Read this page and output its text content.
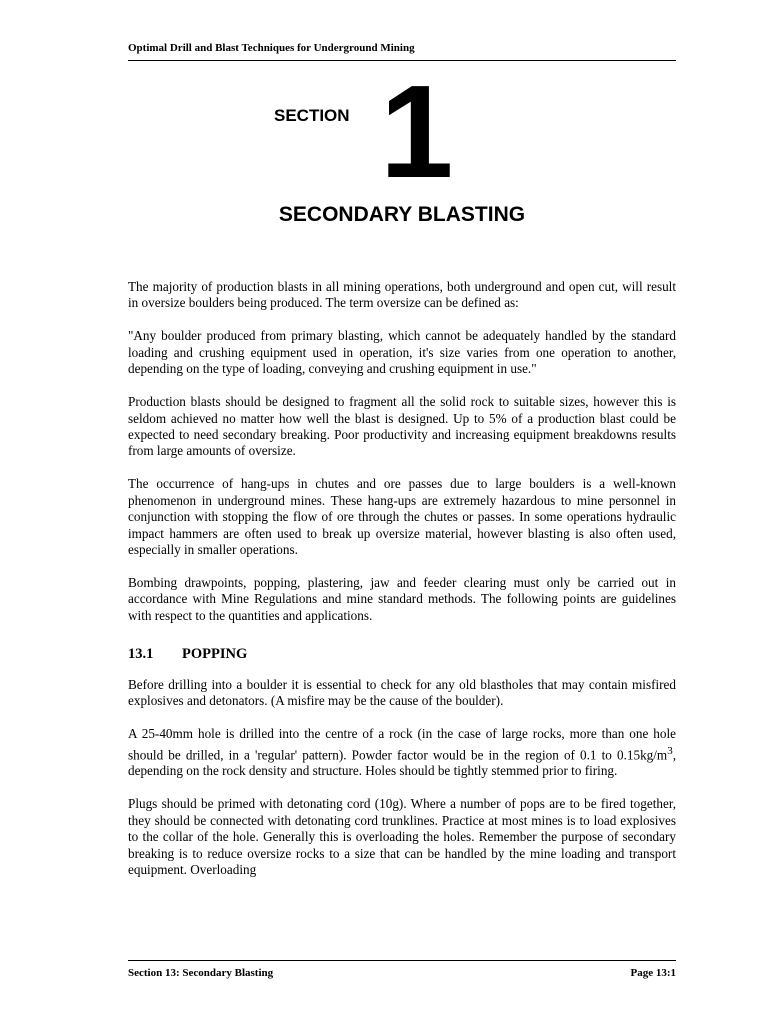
Optimal Drill and Blast Techniques for Underground Mining
SECTION 1
SECONDARY BLASTING

The majority of production blasts in all mining operations, both underground and open cut, will result in oversize boulders being produced. The term oversize can be defined as:

"Any boulder produced from primary blasting, which cannot be adequately handled by the standard loading and crushing equipment used in operation, it's size varies from one operation to another, depending on the type of loading, conveying and crushing equipment in use."

Production blasts should be designed to fragment all the solid rock to suitable sizes, however this is seldom achieved no matter how well the blast is designed. Up to 5% of a production blast could be expected to need secondary breaking. Poor productivity and increasing equipment breakdowns results from large amounts of oversize.

The occurrence of hang-ups in chutes and ore passes due to large boulders is a well-known phenomenon in underground mines. These hang-ups are extremely hazardous to mine personnel in conjunction with stopping the flow of ore through the chutes or passes. In some operations hydraulic impact hammers are often used to break up oversize material, however blasting is also often used, especially in smaller operations.

Bombing drawpoints, popping, plastering, jaw and feeder clearing must only be carried out in accordance with Mine Regulations and mine standard methods. The following points are guidelines with respect to the quantities and applications.

13.1 POPPING

Before drilling into a boulder it is essential to check for any old blastholes that may contain misfired explosives and detonators. (A misfire may be the cause of the boulder).

A 25-40mm hole is drilled into the centre of a rock (in the case of large rocks, more than one hole should be drilled, in a 'regular' pattern). Powder factor would be in the region of 0.1 to $0.15kg/m^3$, depending on the rock density and structure. Holes should be tightly stemmed prior to firing.

Plugs should be primed with detonating cord (10g). Where a number of pops are to be fired together, they should be connected with detonating cord trunklines. Practice at most mines is to load explosives to the collar of the hole. Generally this is overloading the holes. Remember the purpose of secondary breaking is to reduce oversize rocks to a size that can be handled by the mine loading and transport equipment. Overloading

Section 13: Secondary Blasting	Page 13:1
